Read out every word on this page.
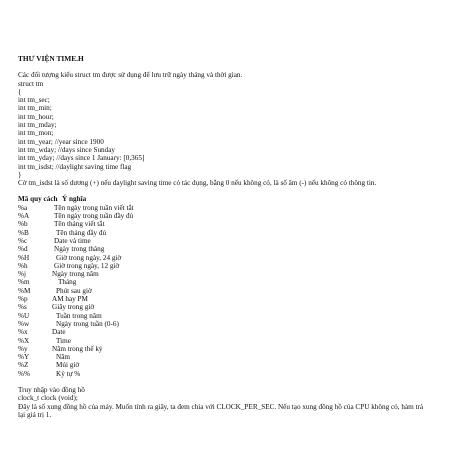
THƯ VIỆN TIME.H
Các đối tượng kiểu struct tm được sử dụng để lưu trữ ngày tháng và thời gian.
struct tm
{
int tm_sec;
int tm_min;
int tm_hour;
int tm_mday;
int tm_mon;
int tm_year; //year since 1900
int tm_wday; //days since Sunday
int tm_yday; //days since 1 January: [0,365]
int tm_isdst; //daylight saving time flag
}
Cờ tm_isdst là số dương (+) nếu daylight saving time có tác dụng, bằng 0 nếu không có, là số âm (-) nếu không có thông tin.
Mã quy cách Ý nghĩa
%a	Tên ngày trong tuần viết tắt
%A	Tên ngày trong tuần đầy đủ
%b	Tên tháng viết tắt
%B	Tên tháng đầy đủ
%c	Date và time
%d	Ngày trong tháng
%H	Giờ trong ngày, 24 giờ
%h	Giờ trong ngày, 12 giờ
%j	Ngày trong năm
%m	Tháng
%M	Phút sau giờ
%p	AM hay PM
%s	Giây trong giờ
%U	Tuần trong năm
%w	Ngày trong tuần (0-6)
%x	Date
%X	Time
%y	Năm trong thế kỷ
%Y	Năm
%Z	Múi giờ
%%	Ký tự %
Truy nhập vào đồng hồ
clock_t clock (void);
Đây là số xung đồng hồ của máy. Muốn tính ra giây, ta đem chia với CLOCK_PER_SEC. Nếu tạo xung đồng hồ của CPU không có, hàm trả lại giá trị 1.
